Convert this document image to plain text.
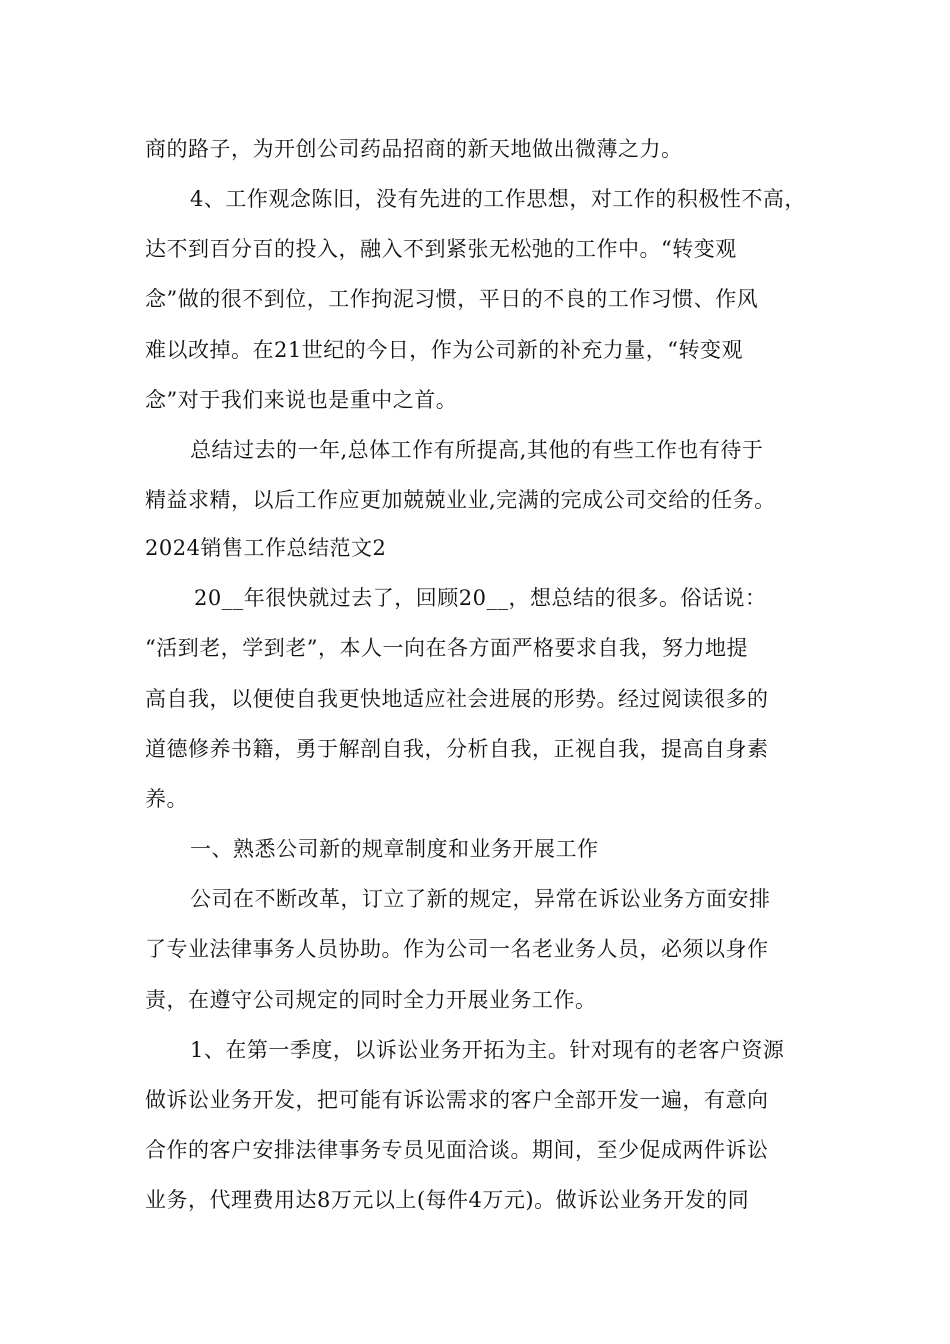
商的路子，为开创公司药品招商的新天地做出微薄之力。
4、工作观念陈旧，没有先进的工作思想，对工作的积极性不高，
达不到百分百的投入，融入不到紧张无松弛的工作中。“转变观
念”做的很不到位，工作拘泥习惯，平日的不良的工作习惯、作风
难以改掉。在21世纪的今日，作为公司新的补充力量，“转变观
念”对于我们来说也是重中之首。
总结过去的一年,总体工作有所提高,其他的有些工作也有待于
精益求精，以后工作应更加兢兢业业,完满的完成公司交给的任务。
2024销售工作总结范文2
20__年很快就过去了，回顾20__，想总结的很多。俗话说：
“活到老，学到老”，本人一向在各方面严格要求自我，努力地提
高自我，以便使自我更快地适应社会进展的形势。经过阅读很多的
道德修养书籍，勇于解剖自我，分析自我，正视自我，提高自身素
养。
一、熟悉公司新的规章制度和业务开展工作
公司在不断改革，订立了新的规定，异常在诉讼业务方面安排
了专业法律事务人员协助。作为公司一名老业务人员，必须以身作
责，在遵守公司规定的同时全力开展业务工作。
1、在第一季度，以诉讼业务开拓为主。针对现有的老客户资源
做诉讼业务开发，把可能有诉讼需求的客户全部开发一遍，有意向
合作的客户安排法律事务专员见面洽谈。期间，至少促成两件诉讼
业务，代理费用达8万元以上(每件4万元)。做诉讼业务开发的同
